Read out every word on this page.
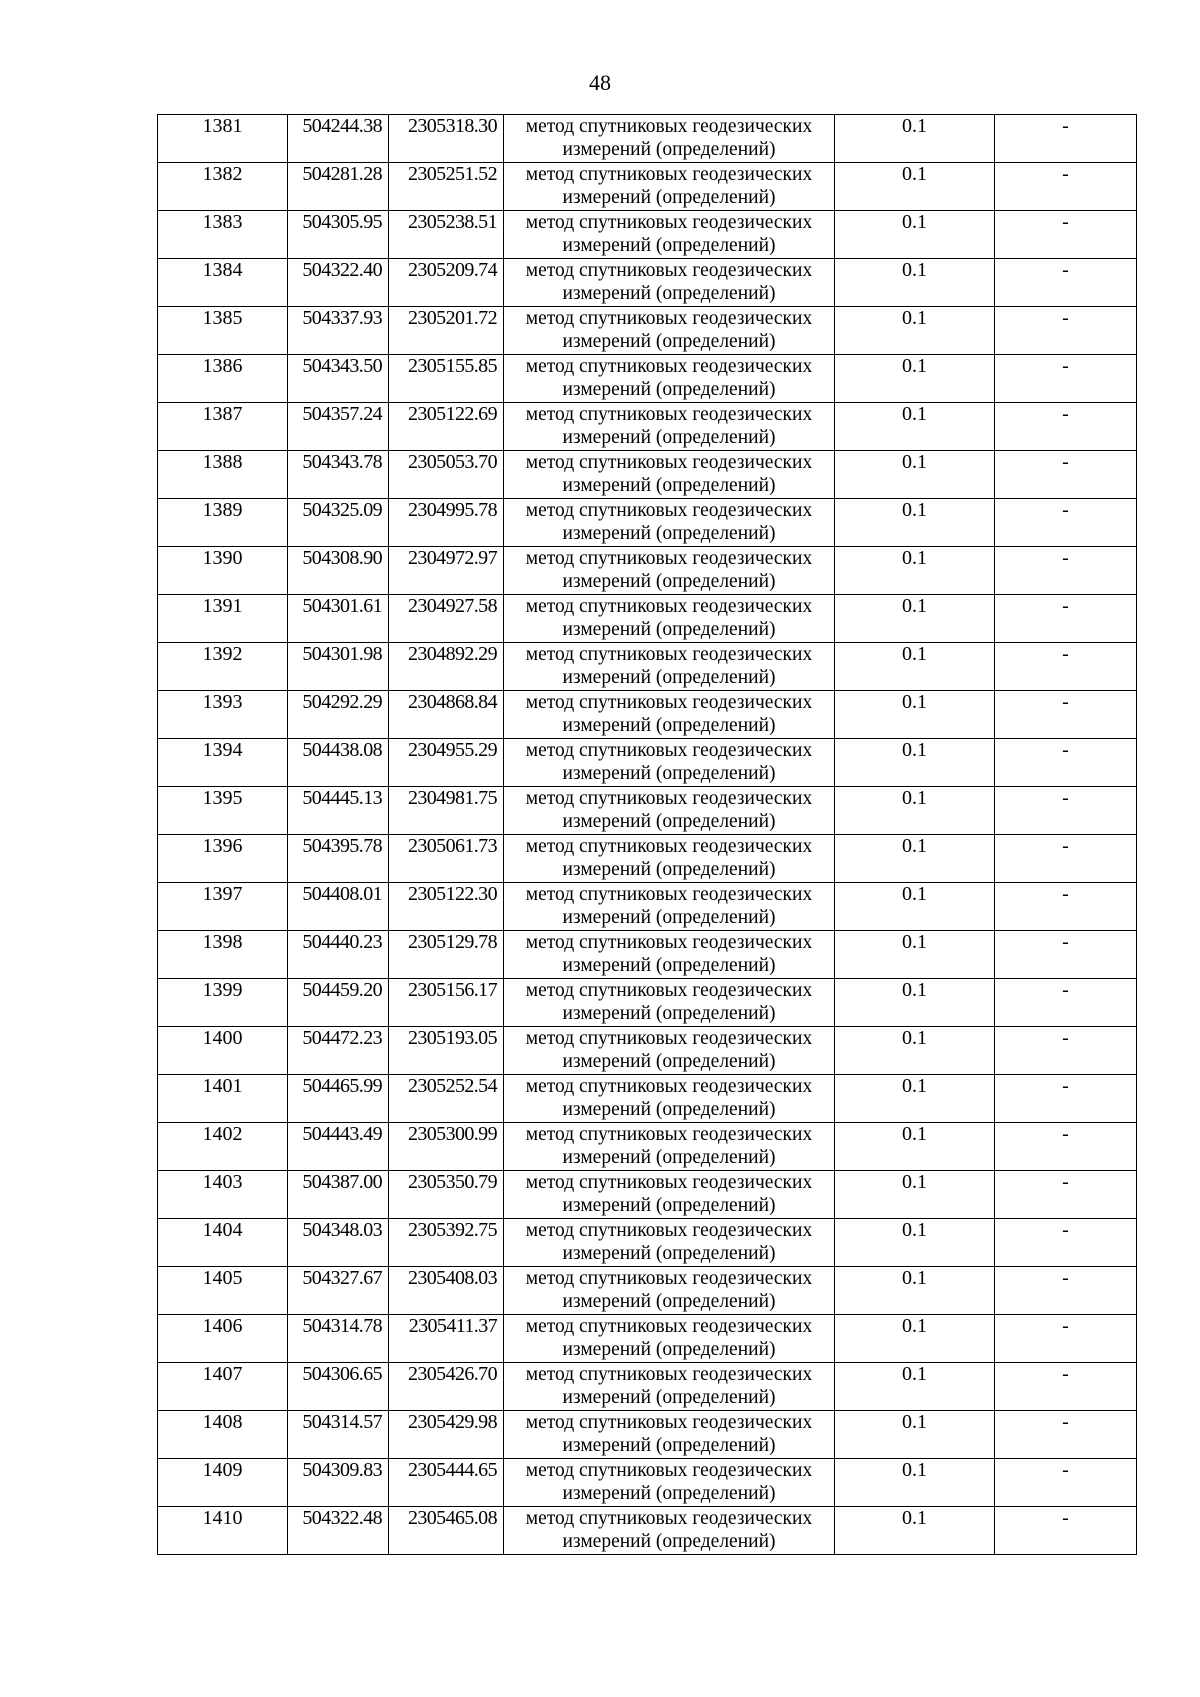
48
1381	504244.38	2305318.30	метод спутниковых геодезических
измерений (определений)	0.1	-
1382	504281.28	2305251.52	метод спутниковых геодезических
измерений (определений)	0.1	-
1383	504305.95	2305238.51	метод спутниковых геодезических
измерений (определений)	0.1	-
1384	504322.40	2305209.74	метод спутниковых геодезических
измерений (определений)	0.1	-
1385	504337.93	2305201.72	метод спутниковых геодезических
измерений (определений)	0.1	-
1386	504343.50	2305155.85	метод спутниковых геодезических
измерений (определений)	0.1	-
1387	504357.24	2305122.69	метод спутниковых геодезических
измерений (определений)	0.1	-
1388	504343.78	2305053.70	метод спутниковых геодезических
измерений (определений)	0.1	-
1389	504325.09	2304995.78	метод спутниковых геодезических
измерений (определений)	0.1	-
1390	504308.90	2304972.97	метод спутниковых геодезических
измерений (определений)	0.1	-
1391	504301.61	2304927.58	метод спутниковых геодезических
измерений (определений)	0.1	-
1392	504301.98	2304892.29	метод спутниковых геодезических
измерений (определений)	0.1	-
1393	504292.29	2304868.84	метод спутниковых геодезических
измерений (определений)	0.1	-
1394	504438.08	2304955.29	метод спутниковых геодезических
измерений (определений)	0.1	-
1395	504445.13	2304981.75	метод спутниковых геодезических
измерений (определений)	0.1	-
1396	504395.78	2305061.73	метод спутниковых геодезических
измерений (определений)	0.1	-
1397	504408.01	2305122.30	метод спутниковых геодезических
измерений (определений)	0.1	-
1398	504440.23	2305129.78	метод спутниковых геодезических
измерений (определений)	0.1	-
1399	504459.20	2305156.17	метод спутниковых геодезических
измерений (определений)	0.1	-
1400	504472.23	2305193.05	метод спутниковых геодезических
измерений (определений)	0.1	-
1401	504465.99	2305252.54	метод спутниковых геодезических
измерений (определений)	0.1	-
1402	504443.49	2305300.99	метод спутниковых геодезических
измерений (определений)	0.1	-
1403	504387.00	2305350.79	метод спутниковых геодезических
измерений (определений)	0.1	-
1404	504348.03	2305392.75	метод спутниковых геодезических
измерений (определений)	0.1	-
1405	504327.67	2305408.03	метод спутниковых геодезических
измерений (определений)	0.1	-
1406	504314.78	2305411.37	метод спутниковых геодезических
измерений (определений)	0.1	-
1407	504306.65	2305426.70	метод спутниковых геодезических
измерений (определений)	0.1	-
1408	504314.57	2305429.98	метод спутниковых геодезических
измерений (определений)	0.1	-
1409	504309.83	2305444.65	метод спутниковых геодезических
измерений (определений)	0.1	-
1410	504322.48	2305465.08	метод спутниковых геодезических
измерений (определений)	0.1	-
